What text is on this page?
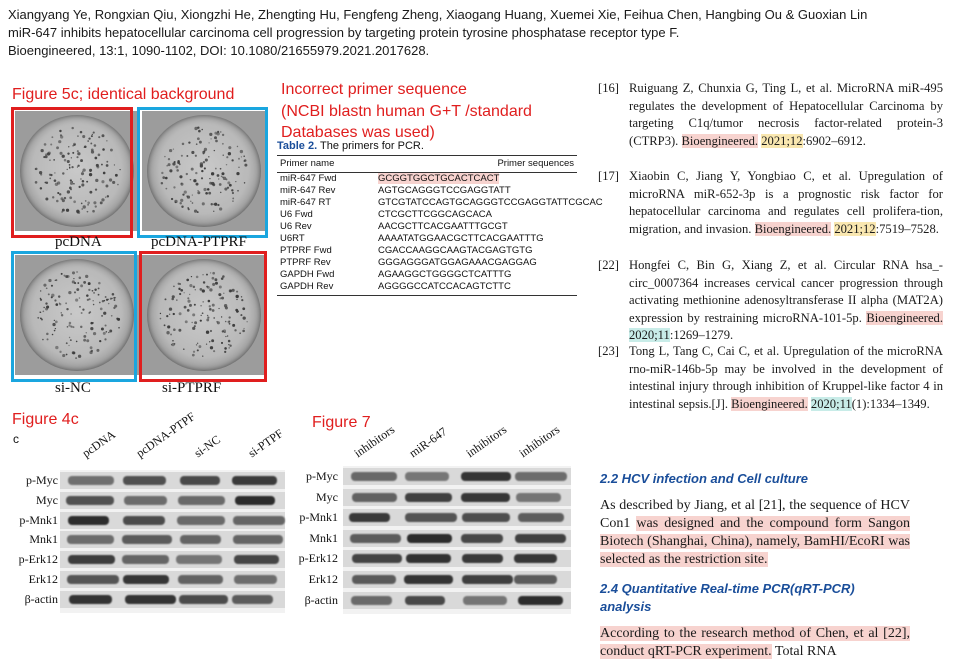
Xiangyang Ye, Rongxian Qiu, Xiongzhi He, Zhengting Hu, Fengfeng Zheng, Xiaogang Huang, Xuemei Xie, Feihua Chen, Hangbing Ou & Guoxian Lin
miR-647 inhibits hepatocellular carcinoma cell progression by targeting protein tyrosine phosphatase receptor type F.
Bioengineered, 13:1, 1090-1102, DOI: 10.1080/21655979.2021.2017628.
Figure 5c; identical background	Incorrect primer sequence
(NCBI blastn human G+T /standard
Databases was used)
Figure 4c	Figure 7
pcDNA	pcDNA-PTPRF
si-NC	si-PTPRF
Table 2. The primers for PCR.
Primer name	Primer sequences
miR-647 Fwd	GCGGTGGCTGCACTCACT
miR-647 Rev	AGTGCAGGGTCCGAGGTATT
miR-647 RT	GTCGTATCCAGTGCAGGGTCCGAGGTATTCGCAC
U6 Fwd	CTCGCTTCGGCAGCACA
U6 Rev	AACGCTTCACGAATTTGCGT
U6RT	AAAATATGGAACGCTTCACGAATTTG
PTPRF Fwd	CGACCAAGGCAAGTACGAGTGTG
PTPRF Rev	GGGAGGGATGGAGAAACGAGGAG
GAPDH Fwd	AGAAGGCTGGGGCTCATTTG
GAPDH Rev	AGGGGCCATCCACAGTCTTC
[16] Ruiguang Z, Chunxia G, Ting L, et al. MicroRNA miR-495 regulates the development of Hepatocellular Carcinoma by targeting C1q/tumor necrosis factor-related protein-3 (CTRP3). Bioengineered. 2021;12:6902–6912.
[17] Xiaobin C, Jiang Y, Yongbiao C, et al. Upregulation of microRNA miR-652-3p is a prognostic risk factor for hepatocellular carcinoma and regulates cell prolifera-tion, migration, and invasion. Bioengineered. 2021;12:7519–7528.
[22] Hongfei C, Bin G, Xiang Z, et al. Circular RNA hsa_-circ_0007364 increases cervical cancer progression through activating methionine adenosyltransferase II alpha (MAT2A) expression by restraining microRNA-101-5p. Bioengineered. 2020;11:1269–1279.
[23] Tong L, Tang C, Cai C, et al. Upregulation of the microRNA rno-miR-146b-5p may be involved in the development of intestinal injury through inhibition of Kruppel-like factor 4 in intestinal sepsis.[J]. Bioengineered. 2020;11(1):1334–1349.
2.2 HCV infection and Cell culture
As described by Jiang, et al [21], the sequence of HCV Con1 was designed and the compound form Sangon Biotech (Shanghai, China), namely, BamHI/EcoRI was selected as the restriction site.
2.4 Quantitative Real-time PCR(qRT-PCR) analysis
According to the research method of Chen, et al [22], conduct qRT-PCR experiment. Total RNA
c	pcDNA pcDNA-PTPF
si-NC si-PTPF
p-Myc
Myc
p-Mnk1
Mnk1
p-Erk12
Erk12
β-actin
inhibitors miR-647 inhibitors inhibitors
p-Myc
Myc
p-Mnk1
Mnk1
p-Erk12
Erk12
β-actin
